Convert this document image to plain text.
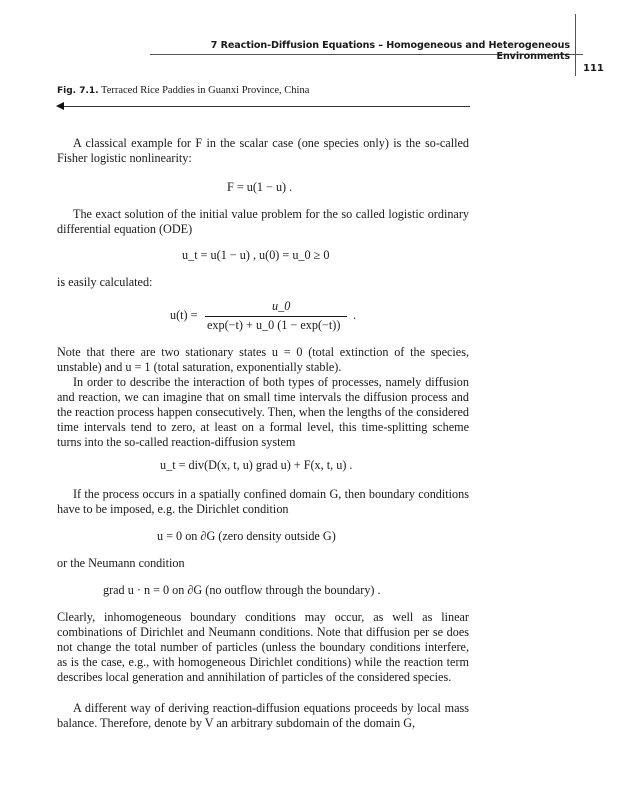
7 Reaction-Diffusion Equations – Homogeneous and Heterogeneous Environments
111
Fig. 7.1. Terraced Rice Paddies in Guanxi Province, China
A classical example for F in the scalar case (one species only) is the so-called Fisher logistic nonlinearity:
F = u(1 − u) .
The exact solution of the initial value problem for the so called logistic ordinary differential equation (ODE)
u_t = u(1 − u) , u(0) = u_0 ≥ 0
is easily calculated:
u(t) =
u_0
exp(−t) + u_0 (1 − exp(−t))
.
Note that there are two stationary states u = 0 (total extinction of the species, unstable) and u = 1 (total saturation, exponentially stable).
In order to describe the interaction of both types of processes, namely diffusion and reaction, we can imagine that on small time intervals the diffusion process and the reaction process happen consecutively. Then, when the lengths of the considered time intervals tend to zero, at least on a formal level, this time-splitting scheme turns into the so-called reaction-diffusion system
u_t = div(D(x, t, u) grad u) + F(x, t, u) .
If the process occurs in a spatially confined domain G, then boundary conditions have to be imposed, e.g. the Dirichlet condition
u = 0 on ∂G (zero density outside G)
or the Neumann condition
grad u · n = 0 on ∂G (no outflow through the boundary) .
Clearly, inhomogeneous boundary conditions may occur, as well as linear combinations of Dirichlet and Neumann conditions. Note that diffusion per se does not change the total number of particles (unless the boundary conditions interfere, as is the case, e.g., with homogeneous Dirichlet conditions) while the reaction term describes local generation and annihilation of particles of the considered species.
A different way of deriving reaction-diffusion equations proceeds by local mass balance. Therefore, denote by V an arbitrary subdomain of the domain G,
